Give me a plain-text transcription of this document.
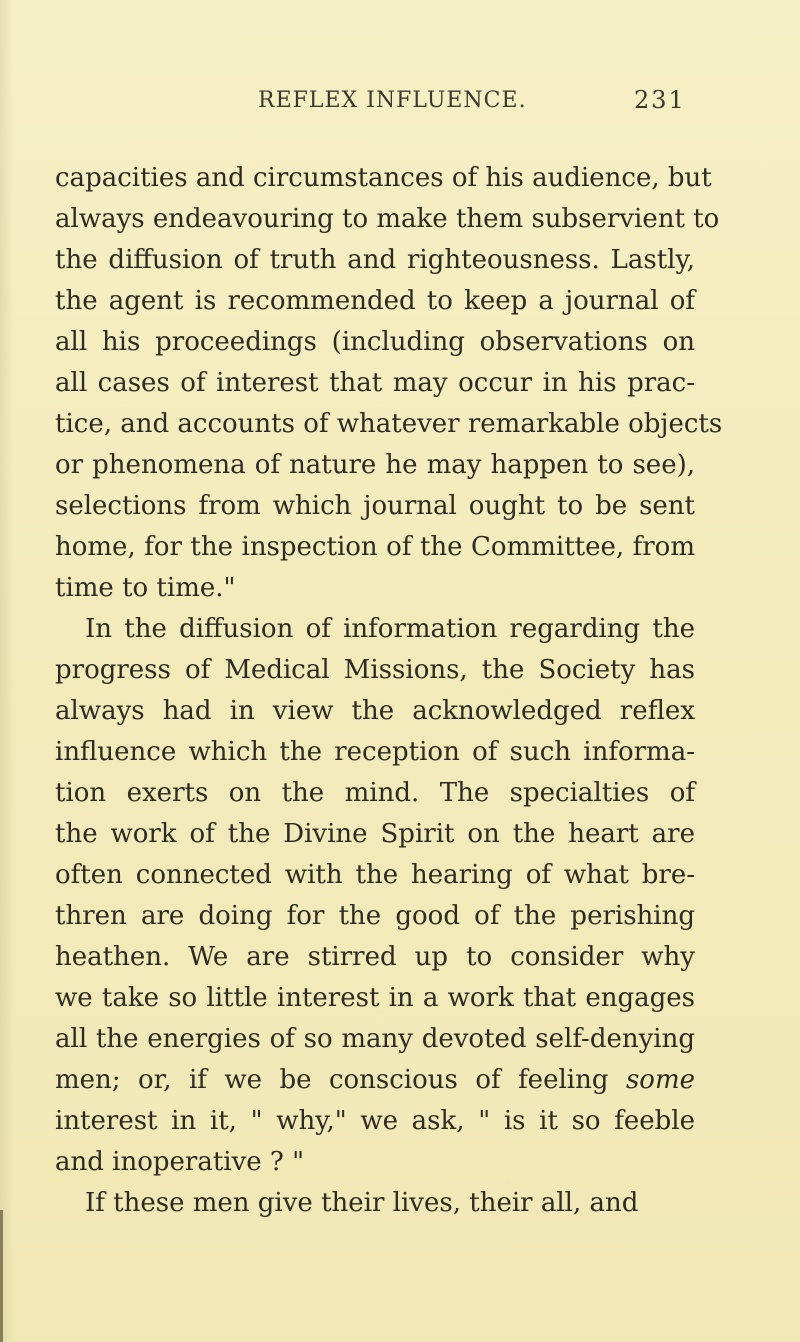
REFLEX INFLUENCE.	231
capacities and circumstances of his audience, but
always endeavouring to make them subservient to
the diffusion of truth and righteousness. Lastly,
the agent is recommended to keep a journal of
all his proceedings (including observations on
all cases of interest that may occur in his prac-
tice, and accounts of whatever remarkable objects
or phenomena of nature he may happen to see),
selections from which journal ought to be sent
home, for the inspection of the Committee, from
time to time."
In the diffusion of information regarding the
progress of Medical Missions, the Society has
always had in view the acknowledged reflex
influence which the reception of such informa-
tion exerts on the mind. The specialties of
the work of the Divine Spirit on the heart are
often connected with the hearing of what bre-
thren are doing for the good of the perishing
heathen. We are stirred up to consider why
we take so little interest in a work that engages
all the energies of so many devoted self-denying
men; or, if we be conscious of feeling some
interest in it, " why," we ask, " is it so feeble
and inoperative ? "
If these men give their lives, their all, and
